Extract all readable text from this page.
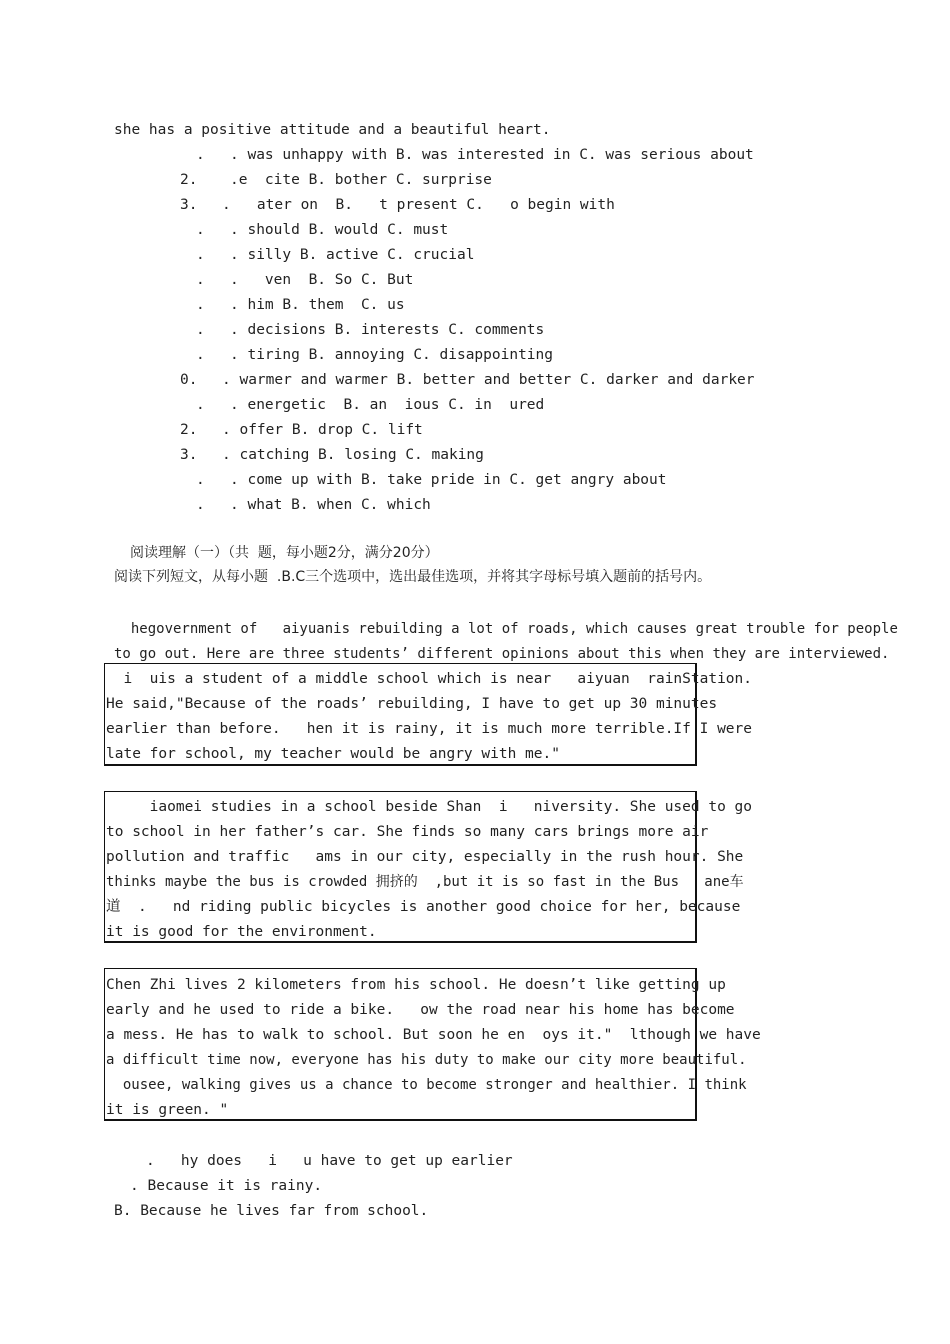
she has a positive attitude and a beautiful heart.
. . was unhappy with B. was interested in C. was serious about
2. .e  cite B. bother C. surprise
3. .   ater on  B.   t present C.   o begin with
. . should B. would C. must
. . silly B. active C. crucial
. .   ven  B. So C. But
. . him B. them  C. us
. . decisions B. interests C. comments
. . tiring B. annoying C. disappointing
0. . warmer and warmer B. better and better C. darker and darker
. . energetic  B. an  ious C. in  ured
2. . offer B. drop C. lift
3. . catching B. losing C. making
. . come up with B. take pride in C. get angry about
. . what B. when C. which
阅读理解（一）（共  题，每小题2分，满分20分）
阅读下列短文，从每小题  .B.C三个选项中，选出最佳选项，并将其字母标号填入题前的括号内。
hegovernment of   aiyuanis rebuilding a lot of roads, which causes great trouble for people
to go out. Here are three students’ different opinions about this when they are interviewed.
i  uis a student of a middle school which is near   aiyuan  rainStation.
He said,"Because of the roads’ rebuilding, I have to get up 30 minutes
earlier than before.   hen it is rainy, it is much more terrible.If I were
late for school, my teacher would be angry with me."
iaomei studies in a school beside Shan  i   niversity. She used to go
to school in her father’s car. She finds so many cars brings more air
pollution and traffic   ams in our city, especially in the rush hour. She
thinks maybe the bus is crowded 拥挤的  ,but it is so fast in the Bus   ane车
道  .   nd riding public bicycles is another good choice for her, because
it is good for the environment.
Chen Zhi lives 2 kilometers from his school. He doesn’t like getting up
early and he used to ride a bike.   ow the road near his home has become
a mess. He has to walk to school. But soon he en  oys it."  lthough we have
a difficult time now, everyone has his duty to make our city more beautiful.
ousee, walking gives us a chance to become stronger and healthier. I think
it is green. "
.   hy does   i   u have to get up earlier
. Because it is rainy.
B. Because he lives far from school.
